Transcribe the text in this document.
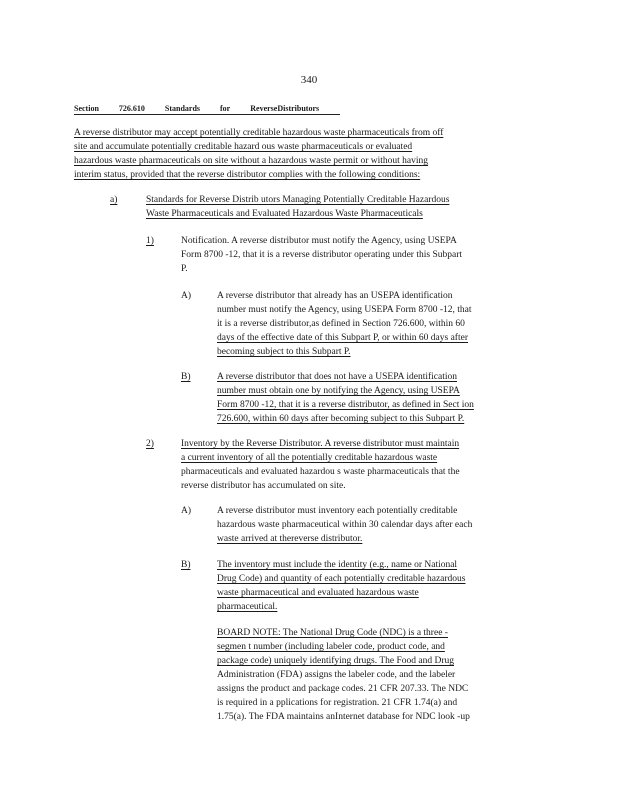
340
Section	726.610	Standards	for	ReverseDistributors
A reverse distributor may accept potentially creditable hazardous waste pharmaceuticals from off
site and accumulate potentially creditable hazard ous waste pharmaceuticals or evaluated
hazardous waste pharmaceuticals on site without a hazardous waste permit or without having
interim status, provided that the reverse distributor complies with the following conditions:
a)	Standards for Reverse Distrib utors Managing Potentially Creditable Hazardous
Waste Pharmaceuticals and Evaluated Hazardous Waste Pharmaceuticals
1)	Notification. A reverse distributor must notify the Agency, using USEPA
Form 8700 -12, that it is a reverse distributor operating under this Subpart
P.
A)	A reverse distributor that already has an USEPA identification
number must notify the Agency, using USEPA Form 8700 -12, that
it is a reverse distributor,as defined in Section 726.600, within 60
days of the effective date of this Subpart P, or within 60 days after
becoming subject to this Subpart P.
B)	A reverse distributor that does not have a USEPA identification
number must obtain one by notifying the Agency, using USEPA
Form 8700 -12, that it is a reverse distributor, as defined in Sect ion
726.600, within 60 days after becoming subject to this Subpart P.
2)	Inventory by the Reverse Distributor. A reverse distributor must maintain
a current inventory of all the potentially creditable hazardous waste
pharmaceuticals and evaluated hazardou s waste pharmaceuticals that the
reverse distributor has accumulated on site.
A)	A reverse distributor must inventory each potentially creditable
hazardous waste pharmaceutical within 30 calendar days after each
waste arrived at thereverse distributor.
B)	The inventory must include the identity (e.g., name or National
Drug Code) and quantity of each potentially creditable hazardous
waste pharmaceutical and evaluated hazardous waste
pharmaceutical.
BOARD NOTE: The National Drug Code (NDC) is a three -
segmen t number (including labeler code, product code, and
package code) uniquely identifying drugs. The Food and Drug
Administration (FDA) assigns the labeler code, and the labeler
assigns the product and package codes. 21 CFR 207.33. The NDC
is required in a pplications for registration. 21 CFR 1.74(a) and
1.75(a). The FDA maintains anInternet database for NDC look -up
